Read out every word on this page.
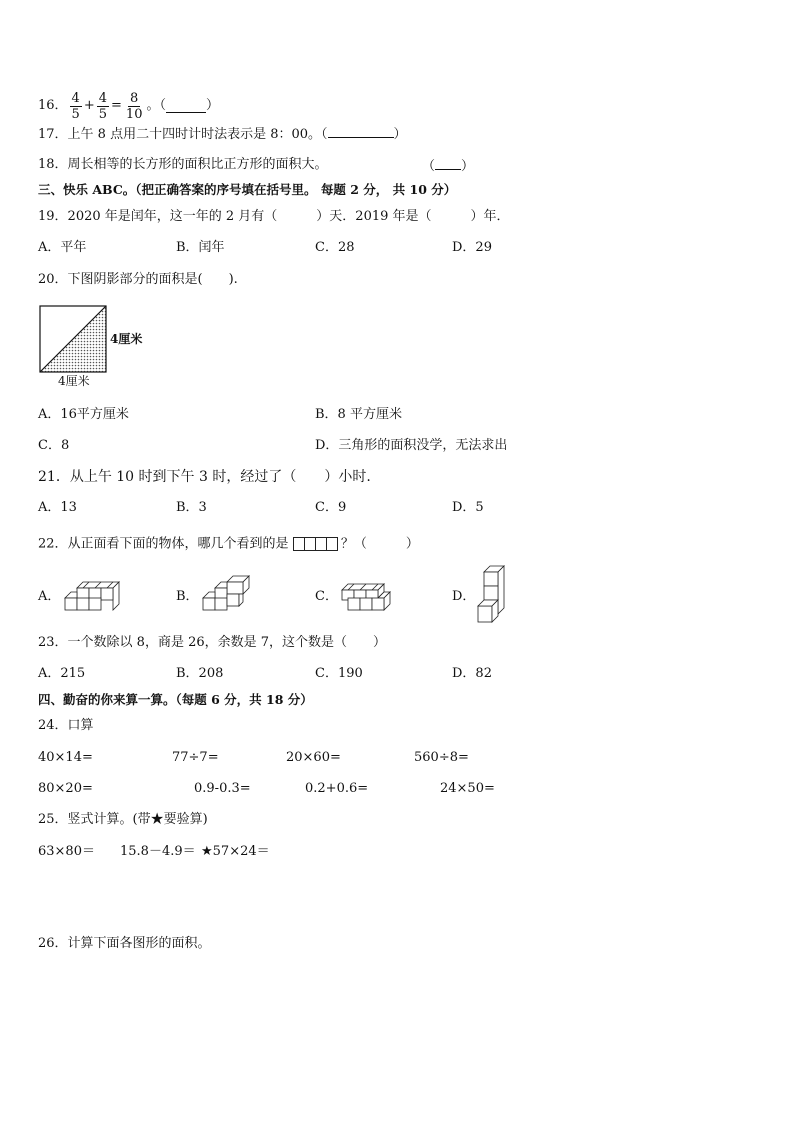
16． $\frac{4}{5} + \frac{4}{5} = \frac{8}{10}$ 。（	）
17．上午 8 点用二十四时计时法表示是 8：00。（	）
18．周长相等的长方形的面积比正方形的面积大。	（ ）
三、快乐 ABC。（把正确答案的序号填在括号里。 每题 2 分， 共 10 分）
19．2020 年是闰年，这一年的 2 月有（　　　）天．2019 年是（　　　）年．
A．平年	B．闰年	C．28	D．29
20．下图阴影部分的面积是(　　).
4厘米
4厘米
A．16平方厘米	B．8 平方厘米
C．8	D．三角形的面积没学，无法求出
21．从上午 10 时到下午 3 时，经过了（　　）小时.
A．13	B．3	C．9	D．5
22．从正面看下面的物体，哪几个看到的是	？（　　　）
A．	B．	C．	D．
23．一个数除以 8，商是 26，余数是 7，这个数是（　　）
A．215	B．208	C．190	D．82
四、勤奋的你来算一算。（每题 6 分，共 18 分）
24．口算
40×14=	77÷7=	20×60=	560÷8=
80×20=	0.9-0.3=	0.2+0.6=	24×50=
25．竖式计算。(带★要验算)
63×80＝ 15.8－4.9＝ ★57×24＝
26．计算下面各图形的面积。
